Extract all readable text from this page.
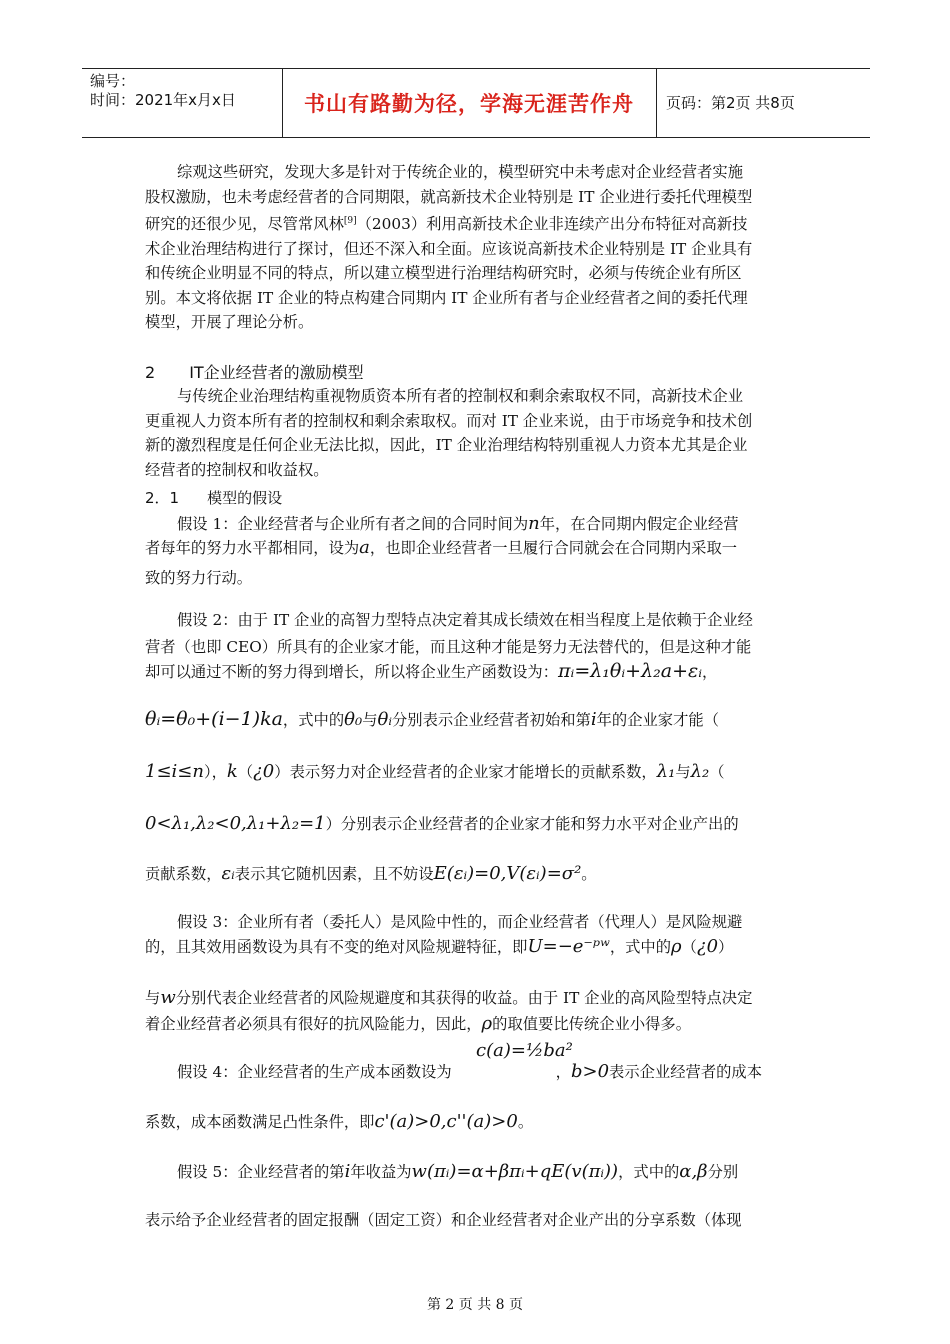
编号：
时间：2021年x月x日	书山有路勤为径，学海无涯苦作舟	页码：第2页 共8页
综观这些研究，发现大多是针对于传统企业的，模型研究中未考虑对企业经营者实施
股权激励，也未考虑经营者的合同期限，就高新技术企业特别是 IT 企业进行委托代理模型
研究的还很少见，尽管常风林[9]（2003）利用高新技术企业非连续产出分布特征对高新技
术企业治理结构进行了探讨，但还不深入和全面。应该说高新技术企业特别是 IT 企业具有
和传统企业明显不同的特点，所以建立模型进行治理结构研究时，必须与传统企业有所区
别。本文将依据 IT 企业的特点构建合同期内 IT 企业所有者与企业经营者之间的委托代理
模型，开展了理论分析。
2 IT企业经营者的激励模型
与传统企业治理结构重视物质资本所有者的控制权和剩余索取权不同，高新技术企业
更重视人力资本所有者的控制权和剩余索取权。而对 IT 企业来说，由于市场竞争和技术创
新的激烈程度是任何企业无法比拟，因此，IT 企业治理结构特别重视人力资本尤其是企业
经营者的控制权和收益权。
2．1 模型的假设
假设 1：企业经营者与企业所有者之间的合同时间为n年，在合同期内假定企业经营
者每年的努力水平都相同，设为a，也即企业经营者一旦履行合同就会在合同期内采取一
致的努力行动。
假设 2：由于 IT 企业的高智力型特点决定着其成长绩效在相当程度上是依赖于企业经
营者（也即 CEO）所具有的企业家才能，而且这种才能是努力无法替代的，但是这种才能
却可以通过不断的努力得到增长，所以将企业生产函数设为：πᵢ=λ₁θᵢ+λ₂a+εᵢ，
θᵢ=θ₀+(i−1)ka，式中的θ₀与θᵢ分别表示企业经营者初始和第i年的企业家才能（
1≤i≤n），k（¿0）表示努力对企业经营者的企业家才能增长的贡献系数，λ₁与λ₂（
0<λ₁,λ₂<0,λ₁+λ₂=1）分别表示企业经营者的企业家才能和努力水平对企业产出的
贡献系数，εᵢ表示其它随机因素，且不妨设E(εᵢ)=0,V(εᵢ)=σ²。
假设 3：企业所有者（委托人）是风险中性的，而企业经营者（代理人）是风险规避
的，且其效用函数设为具有不变的绝对风险规避特征，即U=−e⁻ᵖʷ，式中的ρ（¿0）
与w分别代表企业经营者的风险规避度和其获得的收益。由于 IT 企业的高风险型特点决定
着企业经营者必须具有很好的抗风险能力，因此，ρ的取值要比传统企业小得多。
c(a)=½ba²
假设 4：企业经营者的生产成本函数设为	，b>0表示企业经营者的成本
系数，成本函数满足凸性条件，即c'(a)>0,c''(a)>0。
假设 5：企业经营者的第i年收益为w(πᵢ)=α+βπᵢ+qE(v(πᵢ))，式中的α,β分别
表示给予企业经营者的固定报酬（固定工资）和企业经营者对企业产出的分享系数（体现
第 2 页 共 8 页
